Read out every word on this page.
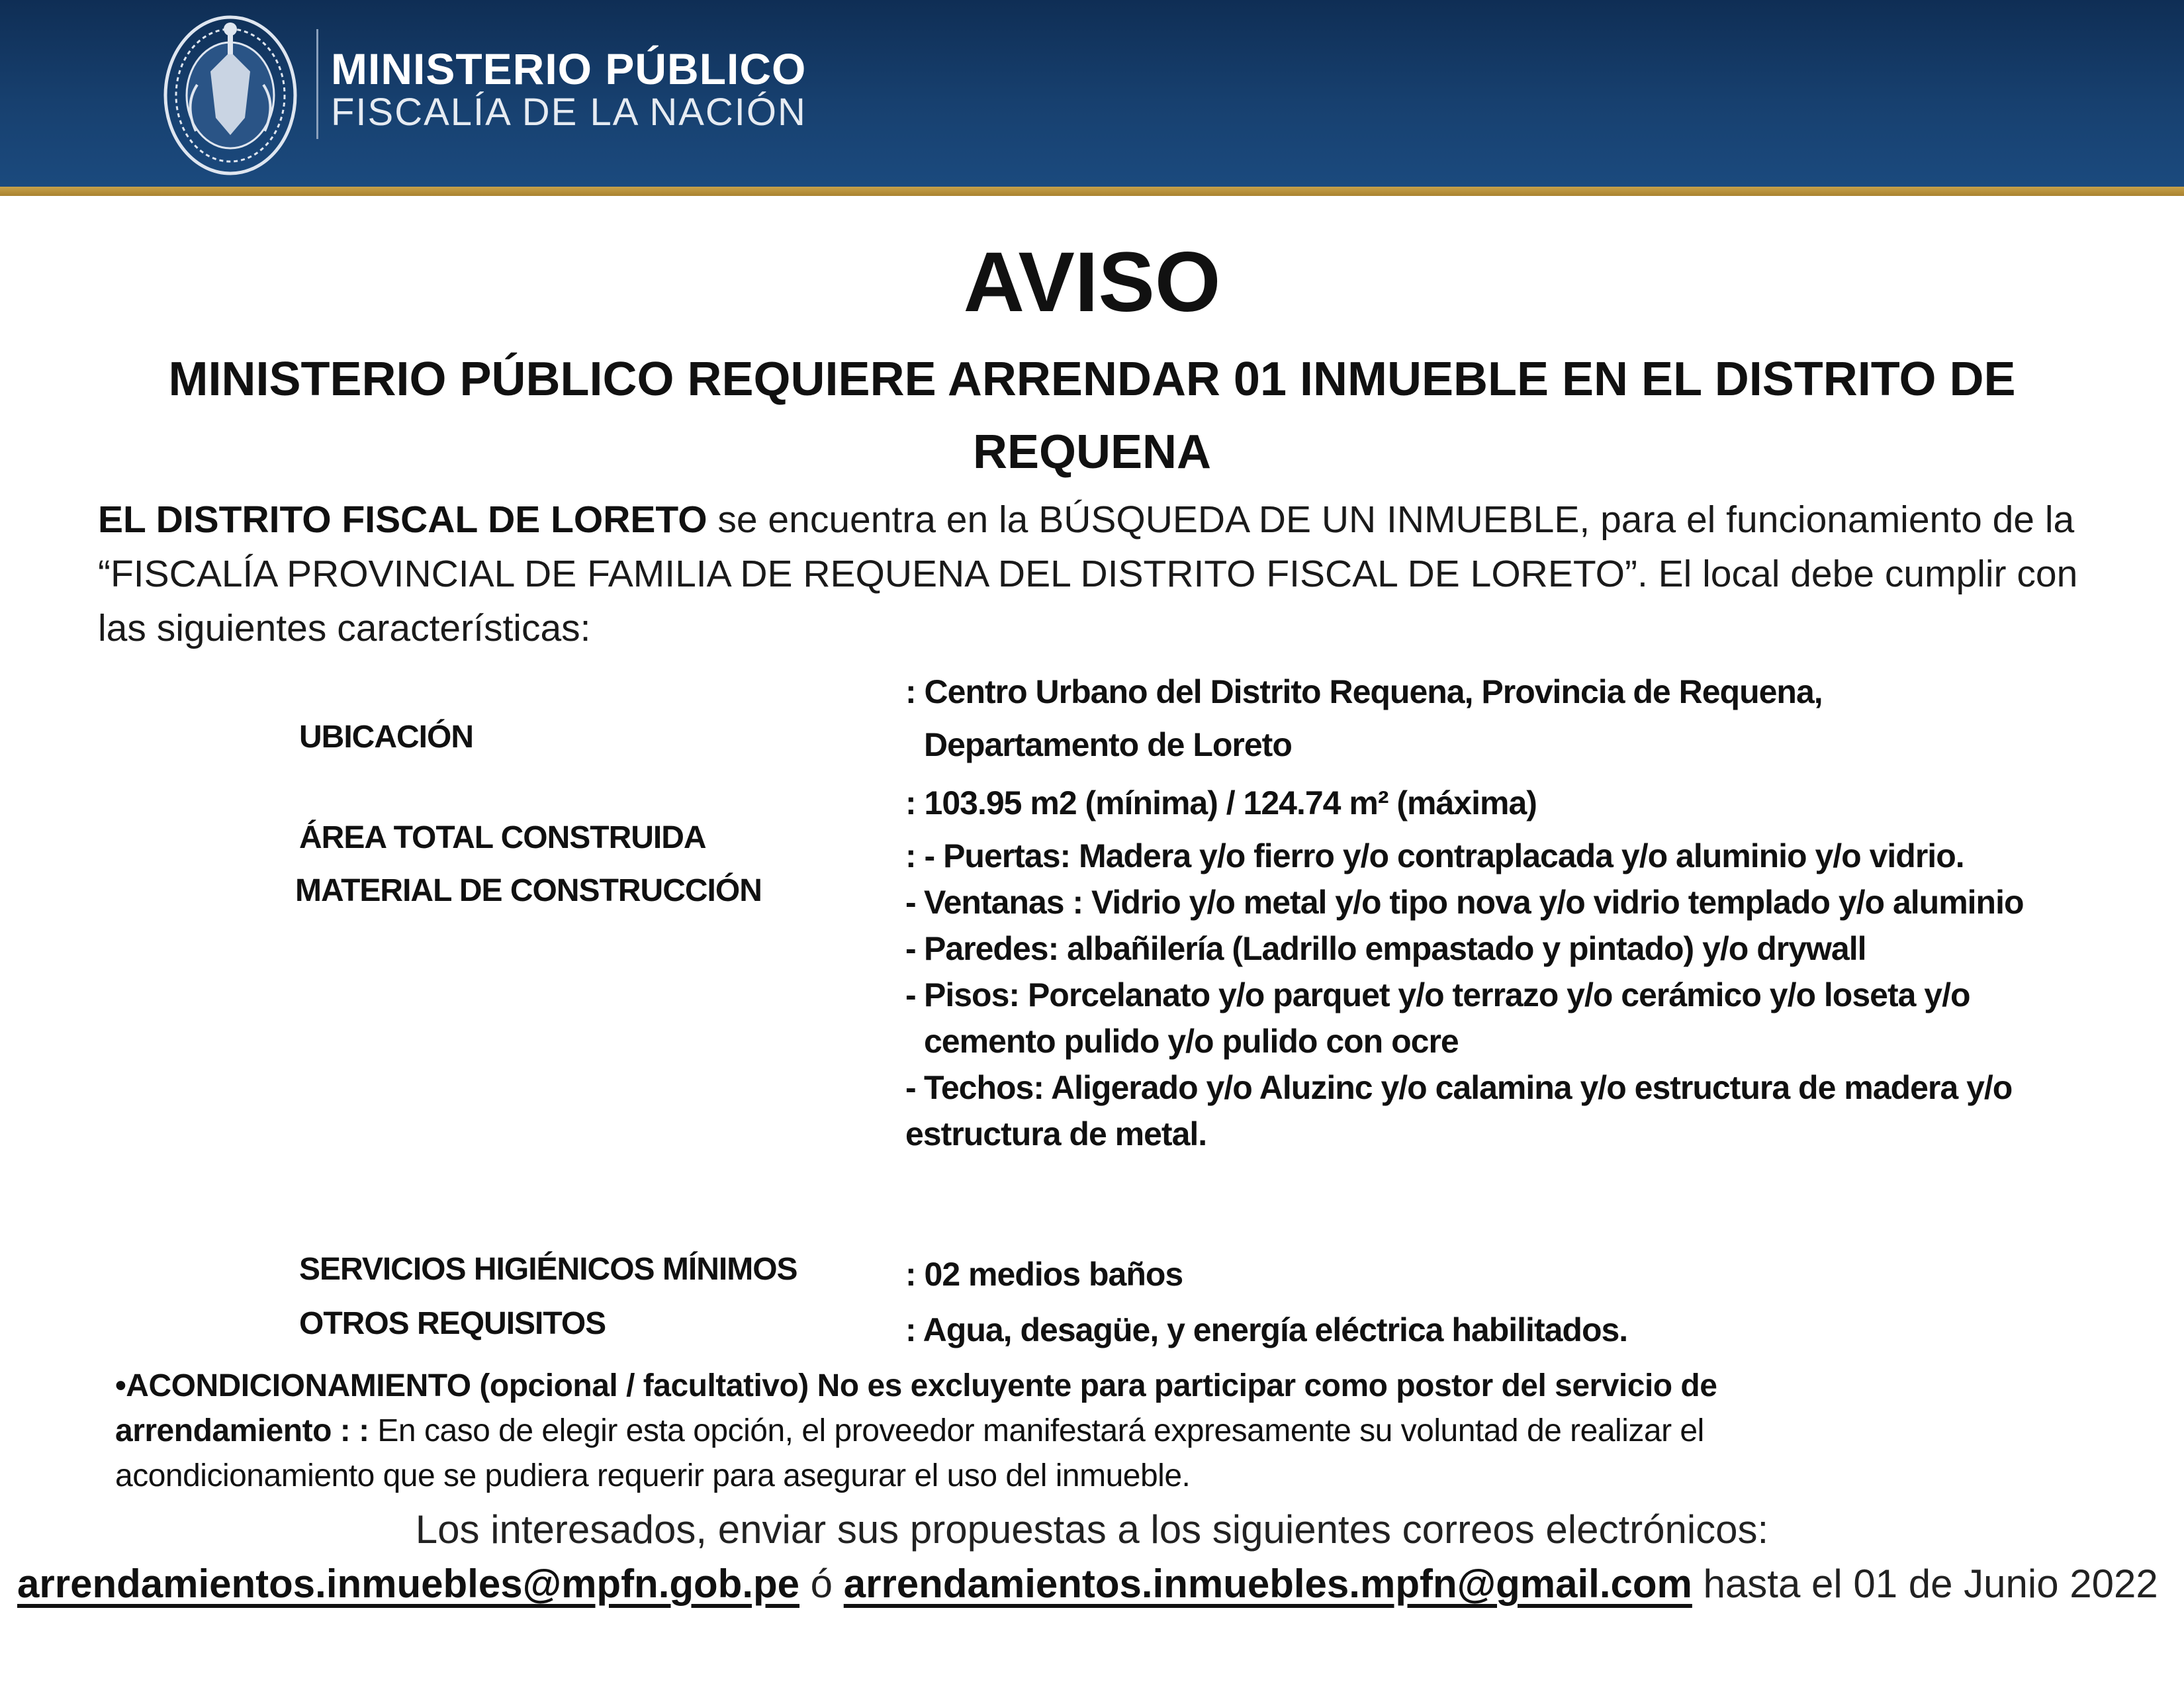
MINISTERIO PÚBLICO
FISCALÍA DE LA NACIÓN
AVISO
MINISTERIO PÚBLICO REQUIERE ARRENDAR 01 INMUEBLE EN EL DISTRITO DE REQUENA
EL DISTRITO FISCAL DE LORETO se encuentra en la BÚSQUEDA DE UN INMUEBLE, para el funcionamiento de la “FISCALÍA PROVINCIAL DE FAMILIA DE REQUENA DEL DISTRITO FISCAL DE LORETO”. El local debe cumplir con las siguientes características:
UBICACIÓN
: Centro Urbano del Distrito Requena, Provincia de Requena,
Departamento de Loreto
ÁREA TOTAL CONSTRUIDA
: 103.95 m2 (mínima) / 124.74 m² (máxima)
MATERIAL DE CONSTRUCCIÓN
: - Puertas: Madera y/o fierro y/o contraplacada y/o aluminio y/o vidrio.
- Ventanas : Vidrio y/o metal y/o tipo nova y/o vidrio templado y/o aluminio
- Paredes: albañilería (Ladrillo empastado y pintado) y/o drywall
- Pisos: Porcelanato y/o parquet y/o terrazo y/o cerámico y/o loseta y/o cemento pulido y/o pulido con ocre
- Techos: Aligerado y/o Aluzinc y/o calamina y/o estructura de madera y/o
estructura de metal.
SERVICIOS HIGIÉNICOS MÍNIMOS	: 02 medios baños
OTROS REQUISITOS	: Agua, desagüe, y energía eléctrica habilitados.
•ACONDICIONAMIENTO (opcional / facultativo) No es excluyente para participar como postor del servicio de arrendamiento : : En caso de elegir esta opción, el proveedor manifestará expresamente su voluntad de realizar el acondicionamiento que se pudiera requerir para asegurar el uso del inmueble.
Los interesados, enviar sus propuestas a los siguientes correos electrónicos:
arrendamientos.inmuebles@mpfn.gob.pe ó arrendamientos.inmuebles.mpfn@gmail.com hasta el 01 de Junio 2022
